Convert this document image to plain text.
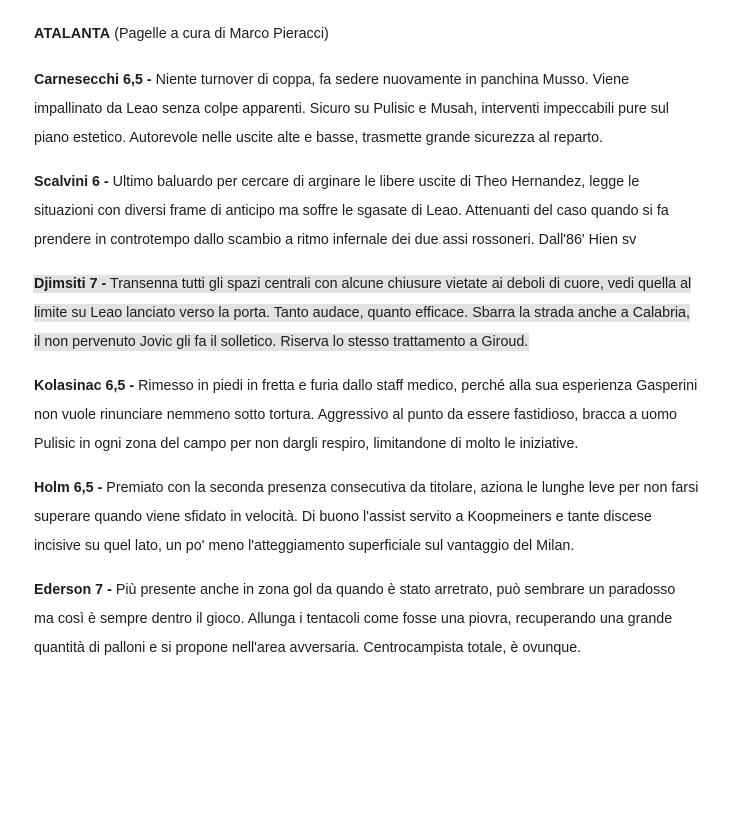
ATALANTA (Pagelle a cura di Marco Pieracci)

Carnesecchi 6,5 - Niente turnover di coppa, fa sedere nuovamente in panchina Musso. Viene impallinato da Leao senza colpe apparenti. Sicuro su Pulisic e Musah, interventi impeccabili pure sul piano estetico. Autorevole nelle uscite alte e basse, trasmette grande sicurezza al reparto.

Scalvini 6 - Ultimo baluardo per cercare di arginare le libere uscite di Theo Hernandez, legge le situazioni con diversi frame di anticipo ma soffre le sgasate di Leao. Attenuanti del caso quando si fa prendere in controtempo dallo scambio a ritmo infernale dei due assi rossoneri. Dall'86' Hien sv

Djimsiti 7 - Transenna tutti gli spazi centrali con alcune chiusure vietate ai deboli di cuore, vedi quella al limite su Leao lanciato verso la porta. Tanto audace, quanto efficace. Sbarra la strada anche a Calabria, il non pervenuto Jovic gli fa il solletico. Riserva lo stesso trattamento a Giroud.

Kolasinac 6,5 - Rimesso in piedi in fretta e furia dallo staff medico, perché alla sua esperienza Gasperini non vuole rinunciare nemmeno sotto tortura. Aggressivo al punto da essere fastidioso, bracca a uomo Pulisic in ogni zona del campo per non dargli respiro, limitandone di molto le iniziative.

Holm 6,5 - Premiato con la seconda presenza consecutiva da titolare, aziona le lunghe leve per non farsi superare quando viene sfidato in velocità. Di buono l'assist servito a Koopmeiners e tante discese incisive su quel lato, un po' meno l'atteggiamento superficiale sul vantaggio del Milan.

Ederson 7 - Più presente anche in zona gol da quando è stato arretrato, può sembrare un paradosso ma così è sempre dentro il gioco. Allunga i tentacoli come fosse una piovra, recuperando una grande quantità di palloni e si propone nell'area avversaria. Centrocampista totale, è ovunque.
